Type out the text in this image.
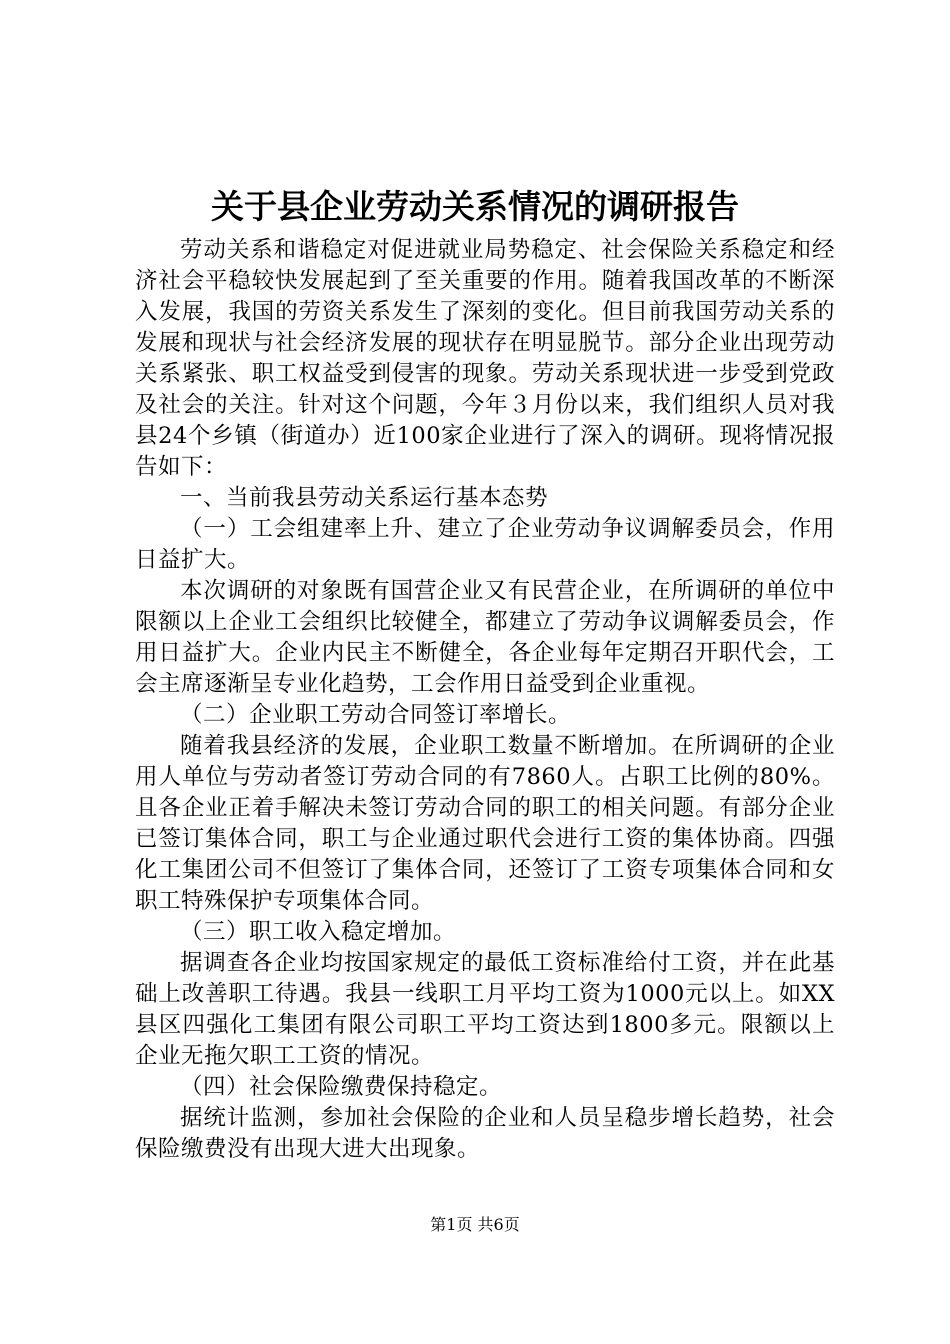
关于县企业劳动关系情况的调研报告

劳动关系和谐稳定对促进就业局势稳定、社会保险关系稳定和经济社会平稳较快发展起到了至关重要的作用。随着我国改革的不断深入发展，我国的劳资关系发生了深刻的变化。但目前我国劳动关系的发展和现状与社会经济发展的现状存在明显脱节。部分企业出现劳动关系紧张、职工权益受到侵害的现象。劳动关系现状进一步受到党政及社会的关注。针对这个问题，今年３月份以来，我们组织人员对我县24个乡镇（街道办）近100家企业进行了深入的调研。现将情况报告如下：

一、当前我县劳动关系运行基本态势

（一）工会组建率上升、建立了企业劳动争议调解委员会，作用日益扩大。

本次调研的对象既有国营企业又有民营企业，在所调研的单位中限额以上企业工会组织比较健全，都建立了劳动争议调解委员会，作用日益扩大。企业内民主不断健全，各企业每年定期召开职代会，工会主席逐渐呈专业化趋势，工会作用日益受到企业重视。

（二）企业职工劳动合同签订率增长。

随着我县经济的发展，企业职工数量不断增加。在所调研的企业用人单位与劳动者签订劳动合同的有7860人。占职工比例的80%。且各企业正着手解决未签订劳动合同的职工的相关问题。有部分企业已签订集体合同，职工与企业通过职代会进行工资的集体协商。四强化工集团公司不但签订了集体合同，还签订了工资专项集体合同和女职工特殊保护专项集体合同。

（三）职工收入稳定增加。

据调查各企业均按国家规定的最低工资标准给付工资，并在此基础上改善职工待遇。我县一线职工月平均工资为1000元以上。如XX县区四强化工集团有限公司职工平均工资达到1800多元。限额以上企业无拖欠职工工资的情况。

（四）社会保险缴费保持稳定。

据统计监测，参加社会保险的企业和人员呈稳步增长趋势，社会保险缴费没有出现大进大出现象。

第1页 共6页
